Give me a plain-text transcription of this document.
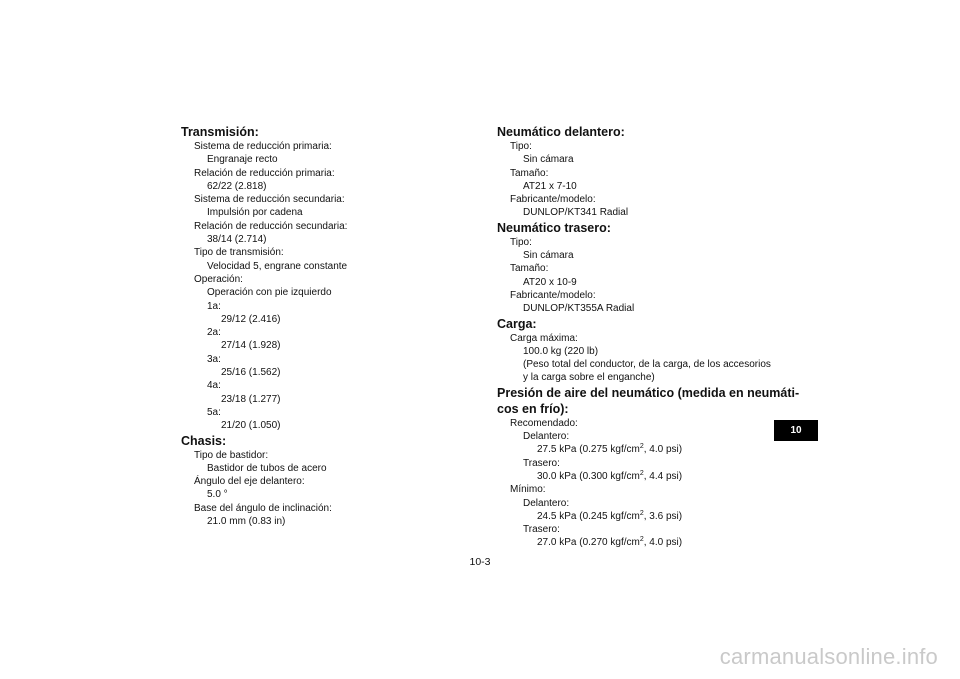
Transmisión:
Sistema de reducción primaria:
Engranaje recto
Relación de reducción primaria:
62/22 (2.818)
Sistema de reducción secundaria:
Impulsión por cadena
Relación de reducción secundaria:
38/14 (2.714)
Tipo de transmisión:
Velocidad 5, engrane constante
Operación:
Operación con pie izquierdo
1a:
29/12 (2.416)
2a:
27/14 (1.928)
3a:
25/16 (1.562)
4a:
23/18 (1.277)
5a:
21/20 (1.050)
Chasis:
Tipo de bastidor:
Bastidor de tubos de acero
Ángulo del eje delantero:
5.0 °
Base del ángulo de inclinación:
21.0 mm (0.83 in)
Neumático delantero:
Tipo:
Sin cámara
Tamaño:
AT21 x 7-10
Fabricante/modelo:
DUNLOP/KT341 Radial
Neumático trasero:
Tipo:
Sin cámara
Tamaño:
AT20 x 10-9
Fabricante/modelo:
DUNLOP/KT355A Radial
Carga:
Carga máxima:
100.0 kg (220 lb)
(Peso total del conductor, de la carga, de los accesorios
y la carga sobre el enganche)
Presión de aire del neumático (medida en neumáti-
cos en frío):
Recomendado:
Delantero:
27.5 kPa (0.275 kgf/$cm^2$, 4.0 psi)
Trasero:
30.0 kPa (0.300 kgf/$cm^2$, 4.4 psi)
Mínimo:
Delantero:
24.5 kPa (0.245 kgf/$cm^2$, 3.6 psi)
Trasero:
27.0 kPa (0.270 kgf/$cm^2$, 4.0 psi)
10
10-3
carmanualsonline.info
